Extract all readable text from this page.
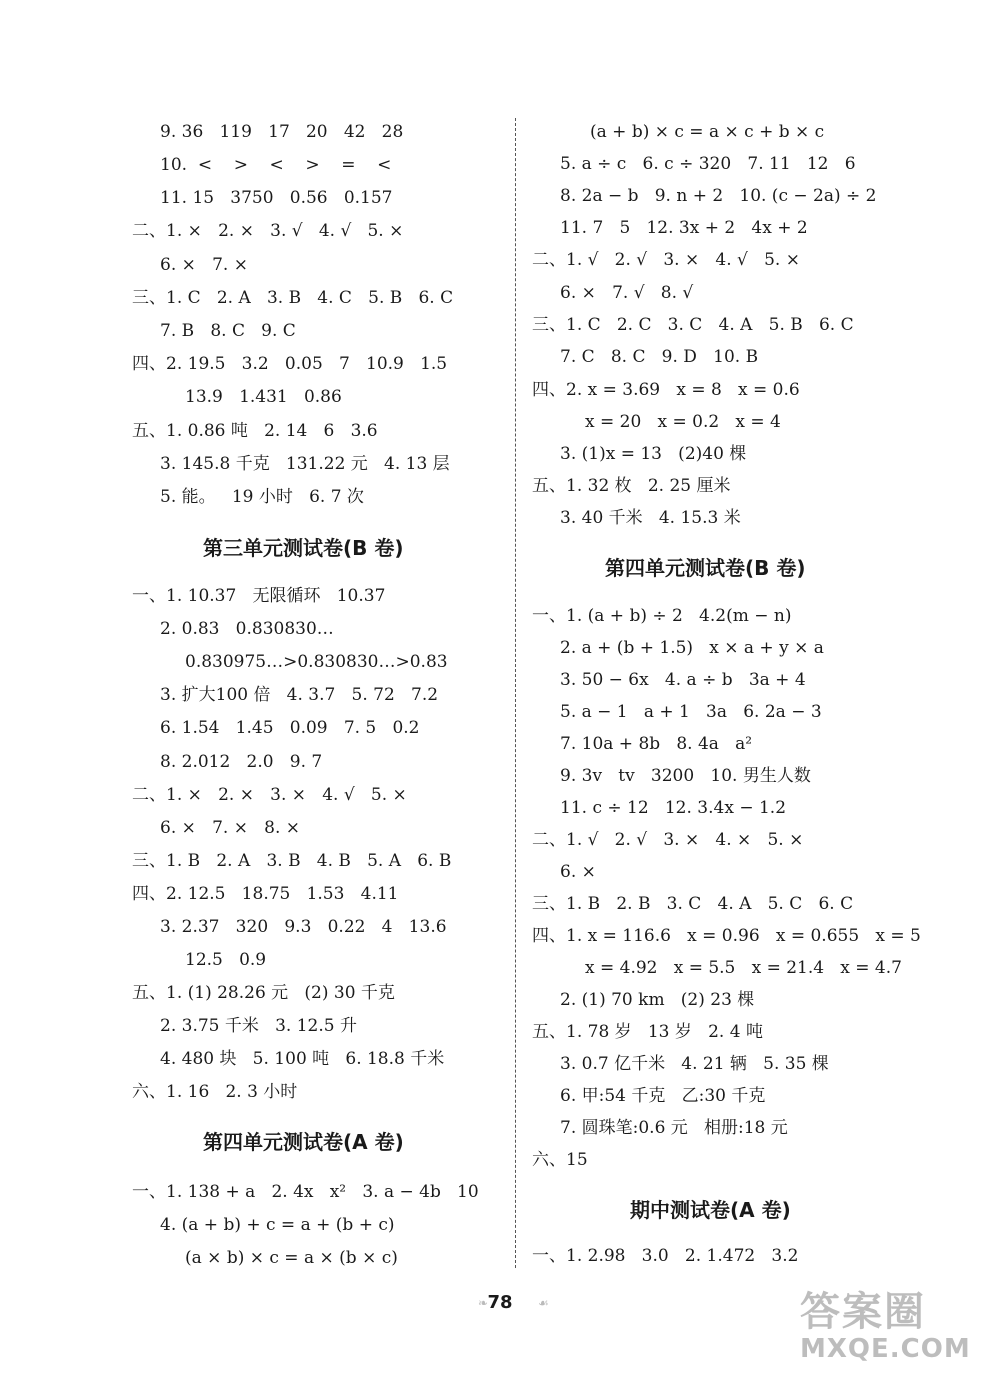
9. 36   119   17   20   42   28
10.  <    >    <    >    =    <
11. 15   3750   0.56   0.157
二、1. ×   2. ×   3. √   4. √   5. ×
6. ×   7. ×
三、1. C   2. A   3. B   4. C   5. B   6. C
7. B   8. C   9. C
四、2. 19.5   3.2   0.05   7   10.9   1.5
13.9   1.431   0.86
五、1. 0.86 吨   2. 14   6   3.6
3. 145.8 千克   131.22 元   4. 13 层
5. 能。   19 小时   6. 7 次
第三单元测试卷(B 卷)
一、1. 10.37   无限循环   10.37
2. 0.83   0.830830…
0.830975…>0.830830…>0.83
3. 扩大100 倍   4. 3.7   5. 72   7.2
6. 1.54   1.45   0.09   7. 5   0.2
8. 2.012   2.0   9. 7
二、1. ×   2. ×   3. ×   4. √   5. ×
6. ×   7. ×   8. ×
三、1. B   2. A   3. B   4. B   5. A   6. B
四、2. 12.5   18.75   1.53   4.11
3. 2.37   320   9.3   0.22   4   13.6
12.5   0.9
五、1. (1) 28.26 元   (2) 30 千克
2. 3.75 千米   3. 12.5 升
4. 480 块   5. 100 吨   6. 18.8 千米
六、1. 16   2. 3 小时
第四单元测试卷(A 卷)
一、1. 138 + a   2. 4x   x²   3. a − 4b   10
4. (a + b) + c = a + (b + c)
(a × b) × c = a × (b × c)
(a + b) × c = a × c + b × c
5. a ÷ c   6. c ÷ 320   7. 11   12   6
8. 2a − b   9. n + 2   10. (c − 2a) ÷ 2
11. 7   5   12. 3x + 2   4x + 2
二、1. √   2. √   3. ×   4. √   5. ×
6. ×   7. √   8. √
三、1. C   2. C   3. C   4. A   5. B   6. C
7. C   8. C   9. D   10. B
四、2. x = 3.69   x = 8   x = 0.6
x = 20   x = 0.2   x = 4
3. (1)x = 13   (2)40 棵
五、1. 32 枚   2. 25 厘米
3. 40 千米   4. 15.3 米
第四单元测试卷(B 卷)
一、1. (a + b) ÷ 2   4.2(m − n)
2. a + (b + 1.5)   x × a + y × a
3. 50 − 6x   4. a ÷ b   3a + 4
5. a − 1   a + 1   3a   6. 2a − 3
7. 10a + 8b   8. 4a   a²
9. 3v   tv   3200   10. 男生人数
11. c ÷ 12   12. 3.4x − 1.2
二、1. √   2. √   3. ×   4. ×   5. ×
6. ×
三、1. B   2. B   3. C   4. A   5. C   6. C
四、1. x = 116.6   x = 0.96   x = 0.655   x = 5
x = 4.92   x = 5.5   x = 21.4   x = 4.7
2. (1) 70 km   (2) 23 棵
五、1. 78 岁   13 岁   2. 4 吨
3. 0.7 亿千米   4. 21 辆   5. 35 棵
6. 甲:54 千克   乙:30 千克
7. 圆珠笔:0.6 元   相册:18 元
六、15
期中测试卷(A 卷)
一、1. 2.98   3.0   2. 1.472   3.2
❧ 78	☙	答案圈
MXQE.COM
